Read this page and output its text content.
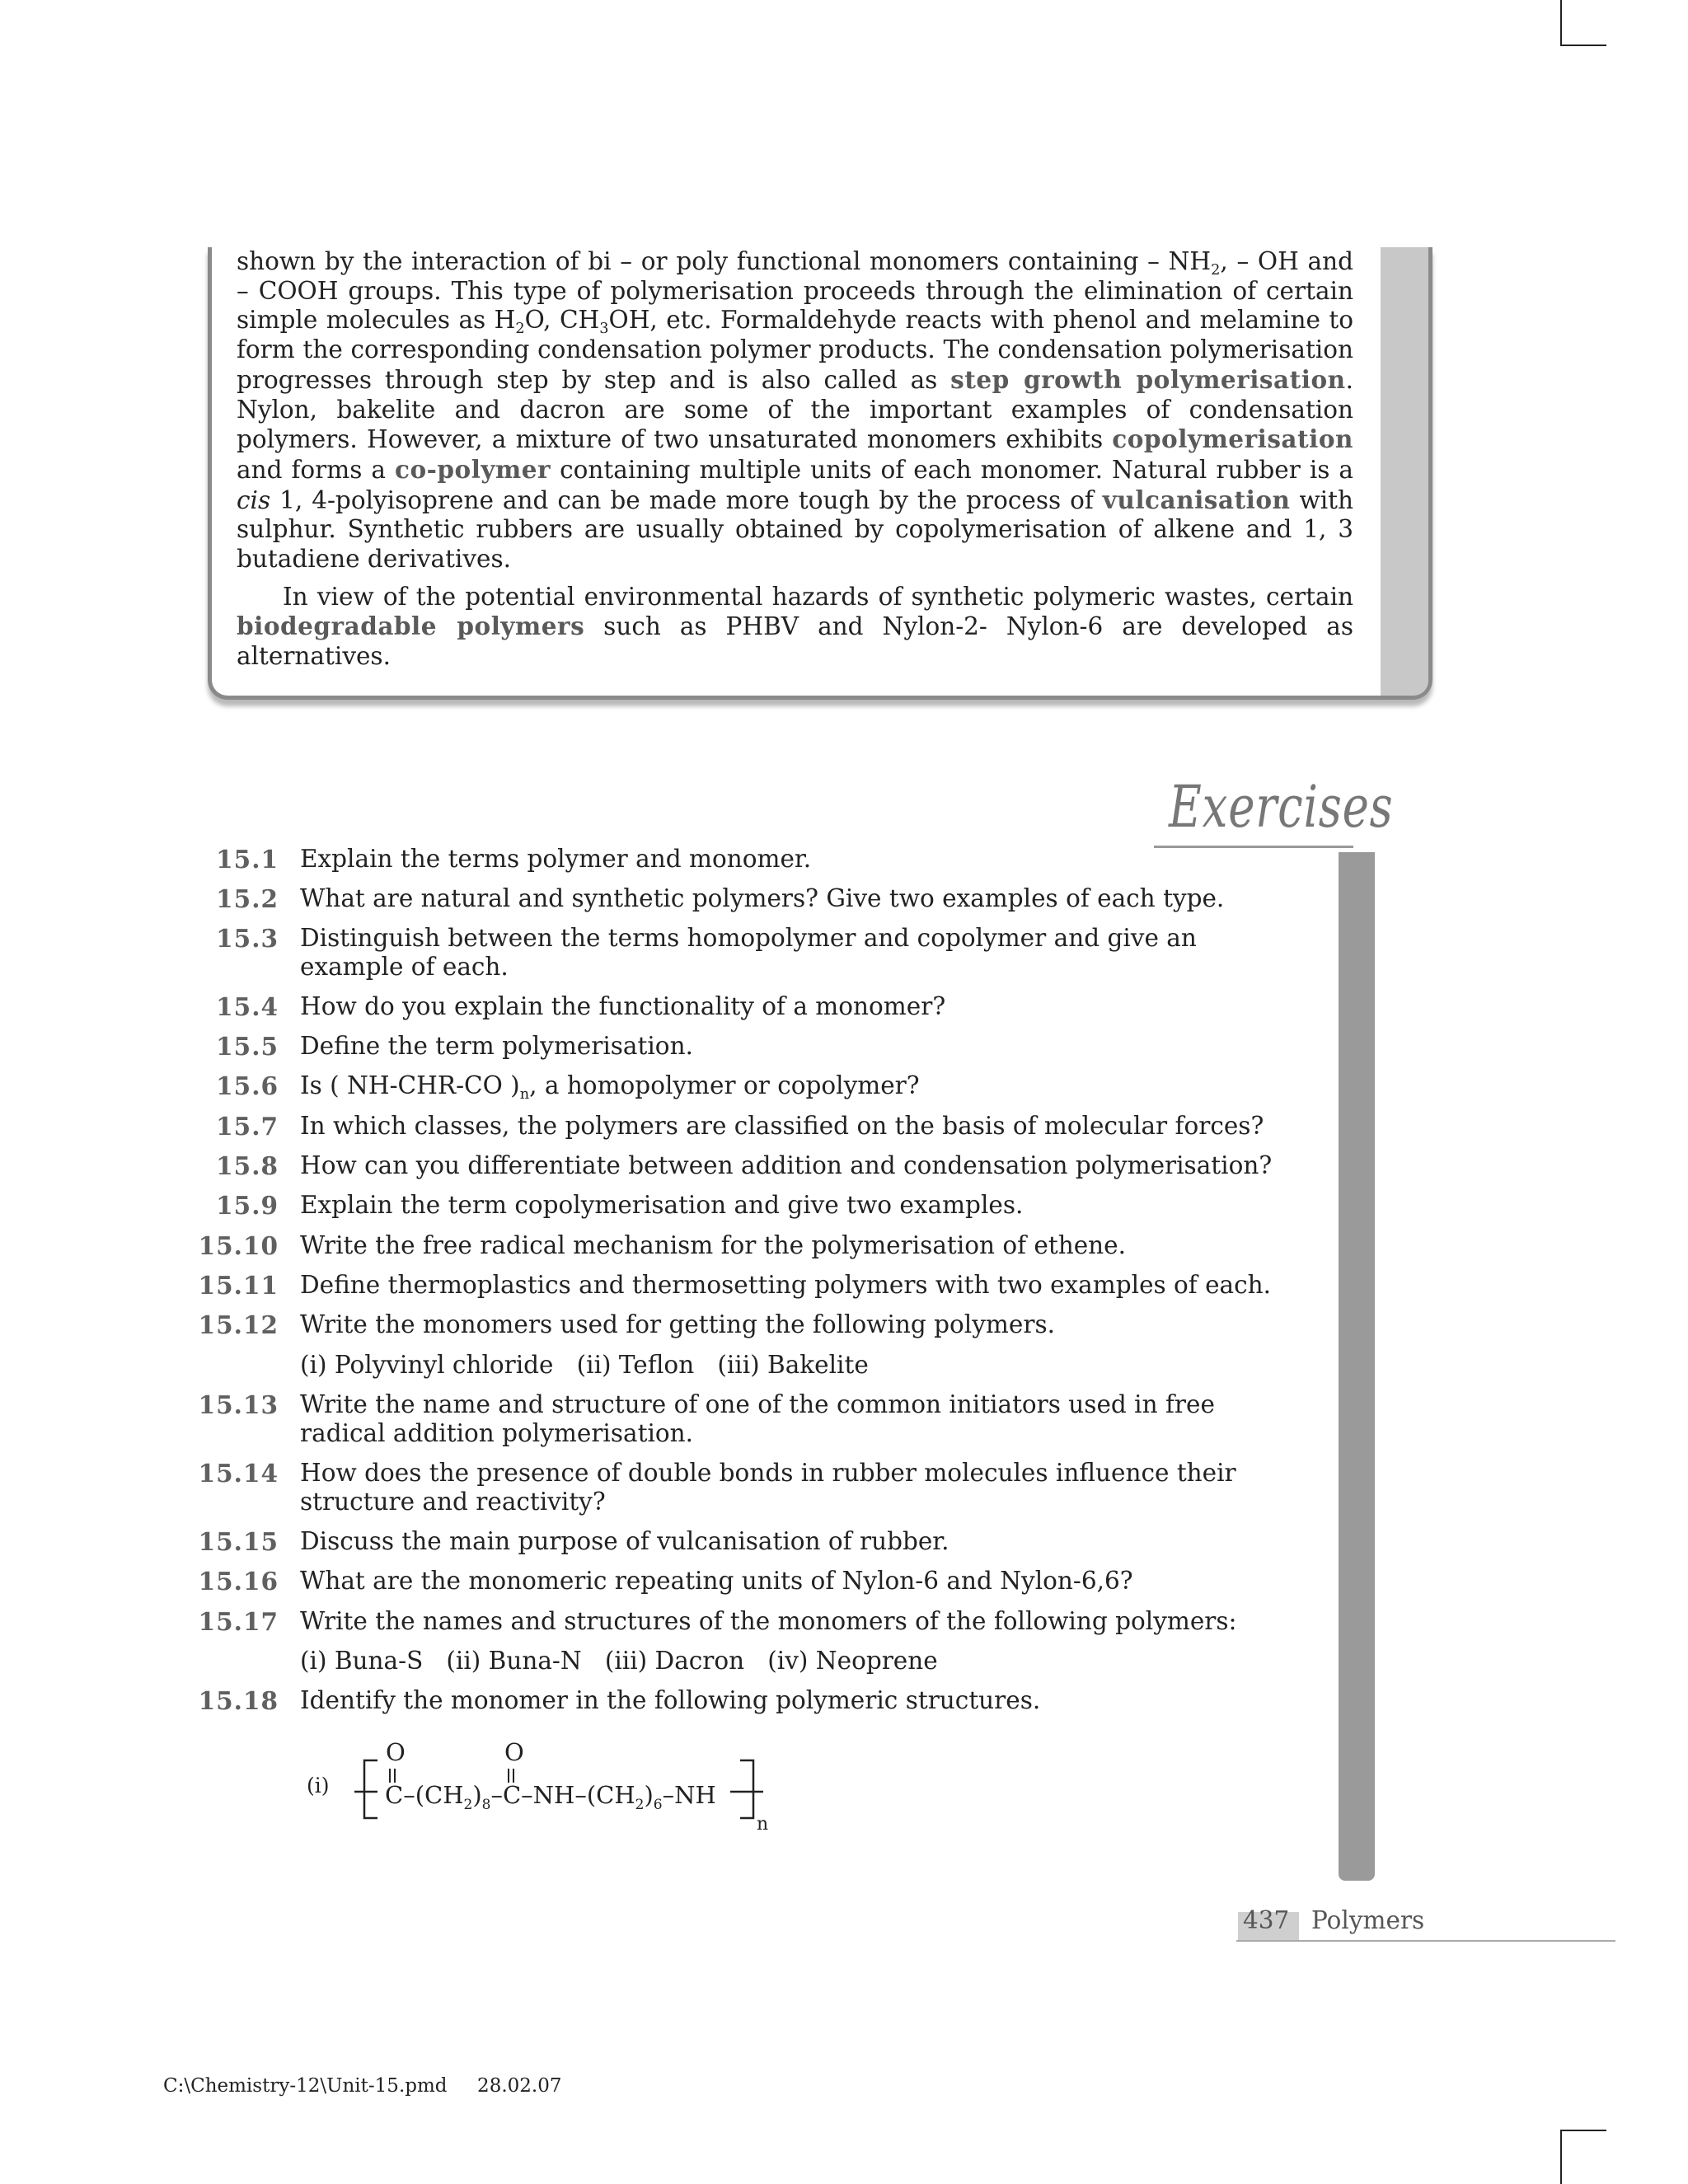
shown by the interaction of bi – or poly functional monomers containing – $NH_2$, – OH and – COOH groups. This type of polymerisation proceeds through the elimination of certain simple molecules as $H_2O$, $CH_3OH$, etc. Formaldehyde reacts with phenol and melamine to form the corresponding condensation polymer products. The condensation polymerisation progresses through step by step and is also called as step growth polymerisation. Nylon, bakelite and dacron are some of the important examples of condensation polymers. However, a mixture of two unsaturated monomers exhibits copolymerisation and forms a co-polymer containing multiple units of each monomer. Natural rubber is a cis 1, 4-polyisoprene and can be made more tough by the process of vulcanisation with sulphur. Synthetic rubbers are usually obtained by copolymerisation of alkene and 1, 3 butadiene derivatives.

In view of the potential environmental hazards of synthetic polymeric wastes, certain biodegradable polymers such as PHBV and Nylon-2- Nylon-6 are developed as alternatives.

Exercises
15.1 Explain the terms polymer and monomer.
15.2 What are natural and synthetic polymers? Give two examples of each type.
15.3 Distinguish between the terms homopolymer and copolymer and give an
example of each.
15.4 How do you explain the functionality of a monomer?
15.5 Define the term polymerisation.
15.6 Is ( NH-CHR-CO )$_n$, a homopolymer or copolymer?
15.7 In which classes, the polymers are classified on the basis of molecular forces?
15.8 How can you differentiate between addition and condensation polymerisation?
15.9 Explain the term copolymerisation and give two examples.
15.10 Write the free radical mechanism for the polymerisation of ethene.
15.11 Define thermoplastics and thermosetting polymers with two examples of each.
15.12 Write the monomers used for getting the following polymers.
(i) Polyvinyl chloride   (ii) Teflon   (iii) Bakelite
15.13 Write the name and structure of one of the common initiators used in free
radical addition polymerisation.
15.14 How does the presence of double bonds in rubber molecules influence their
structure and reactivity?
15.15 Discuss the main purpose of vulcanisation of rubber.
15.16 What are the monomeric repeating units of Nylon-6 and Nylon-6,6?
15.17 Write the names and structures of the monomers of the following polymers:
(i) Buna-S   (ii) Buna-N   (iii) Dacron   (iv) Neoprene
15.18 Identify the monomer in the following polymeric structures.
(i)
O	O
$C-(CH_2)_8-C-NH-(CH_2)_6-NH$
n
437 Polymers
C:\Chemistry-12\Unit-15.pmd     28.02.07
